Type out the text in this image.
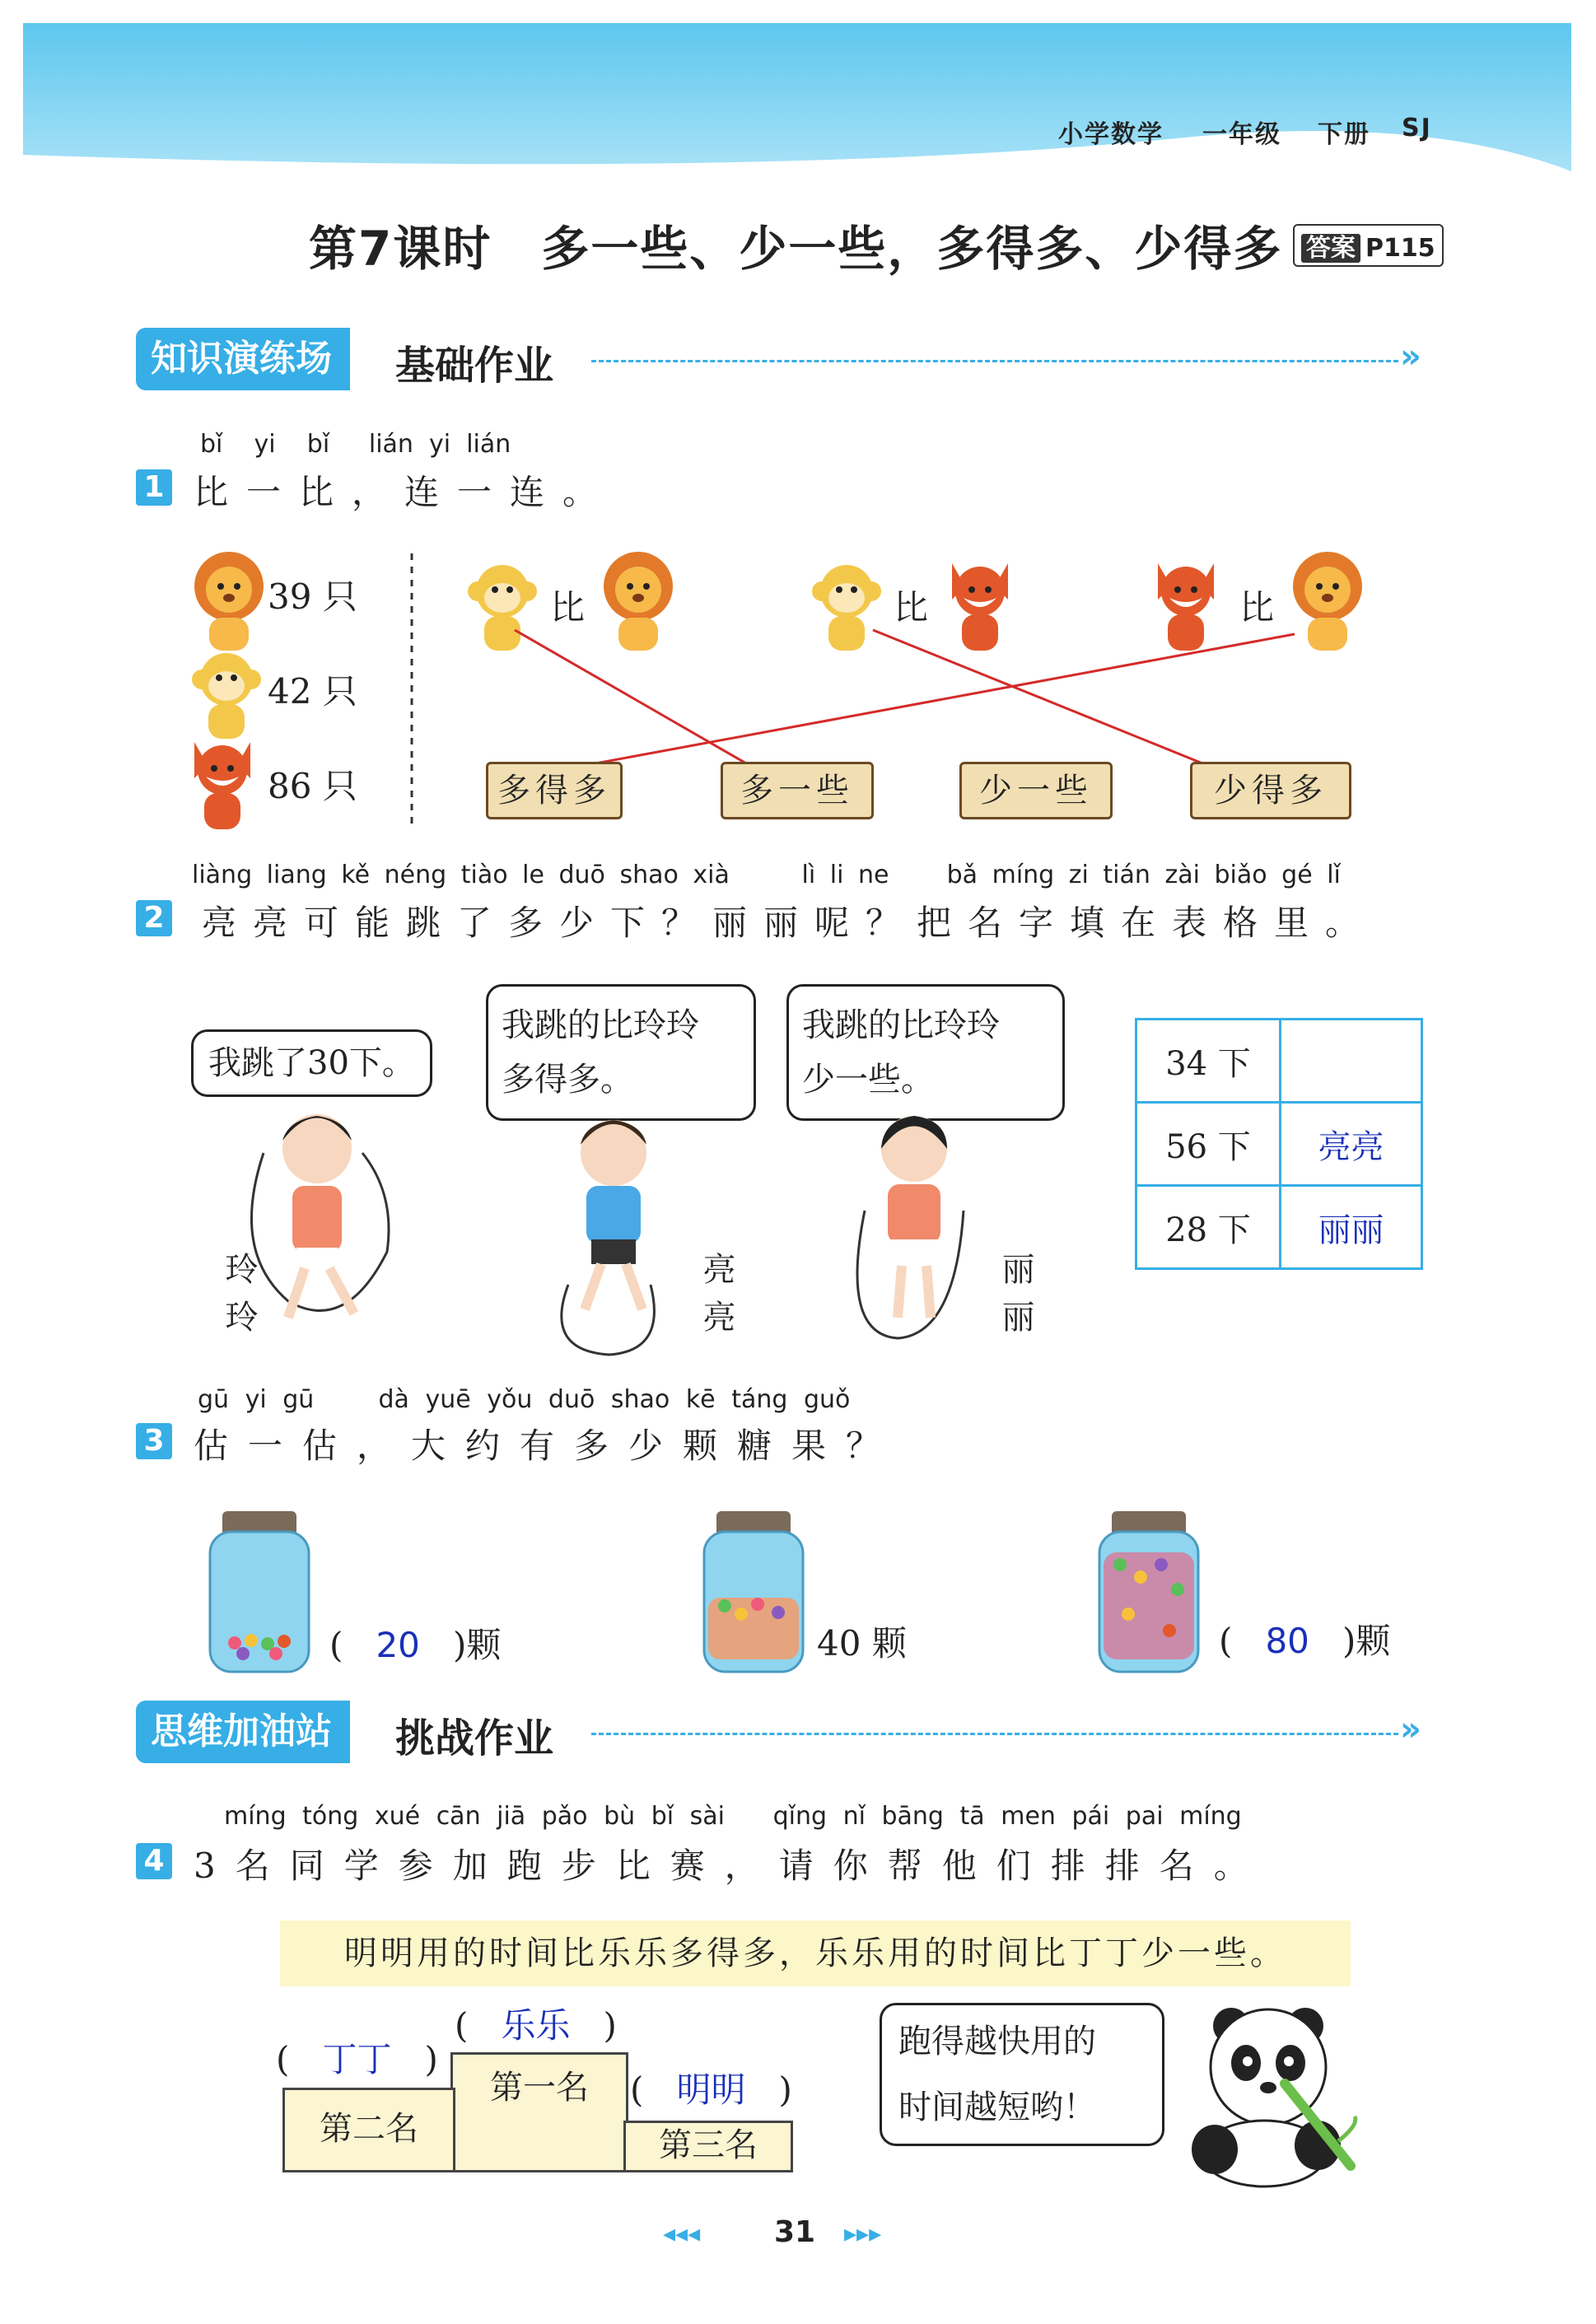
小学数学 一年级 下册 SJ
第7课时　多一些、少一些，多得多、少得多 答案 P115
知识演练场	基础作业	»
bǐ yi bǐ lián yi lián
1 比一比，连一连。
39 只
42 只
86 只
比	比	比
多得多	多一些	少一些	少得多
liàng liang kě néng tiào le duō shao xià	lì li ne bǎ míng zi tián zài biǎo gé lǐ
2 亮亮可能跳了多少下？丽丽呢？把名字填在表格里。
我跳了30下。
我跳的比玲玲
多得多。
我跳的比玲玲
少一些。
玲玲	亮亮	丽丽
34 下	
56 下	亮亮
28 下	丽丽
gū yi gū	dà yuē yǒu duō shao kē táng guǒ
3 估一估，大约有多少颗糖果？
( 20 )颗	40 颗	( 80 )颗
思维加油站	挑战作业	»
míng tóng xué cān jiā pǎo bù bǐ sài qǐng nǐ bāng tā men pái pai míng
4 3名同学参加跑步比赛，请你帮他们排排名。
明明用的时间比乐乐多得多，乐乐用的时间比丁丁少一些。
(   乐乐   )
(   丁丁   )
(   明明   )
第一名
第二名	第三名
跑得越快用的
时间越短哟！
◂◂◂ 31 ▸▸▸
